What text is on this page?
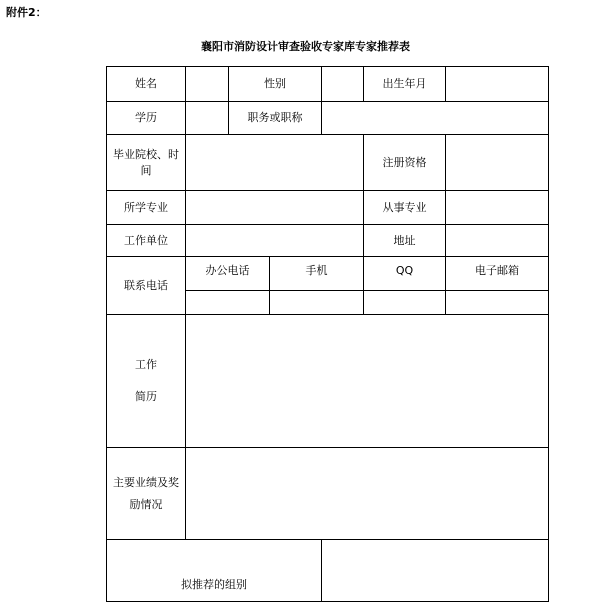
附件2：
襄阳市消防设计审查验收专家库专家推荐表
姓名		性别			出生年月	
学历		职务或职称				

毕业院校、时
间					注册资格	
所学专业					从事专业	
工作单位					地址	
联系电话	办公电话		手机		QQ	电子邮箱

工作
简历						

主要业绩及奖
励情况						

拟推荐的组别						
